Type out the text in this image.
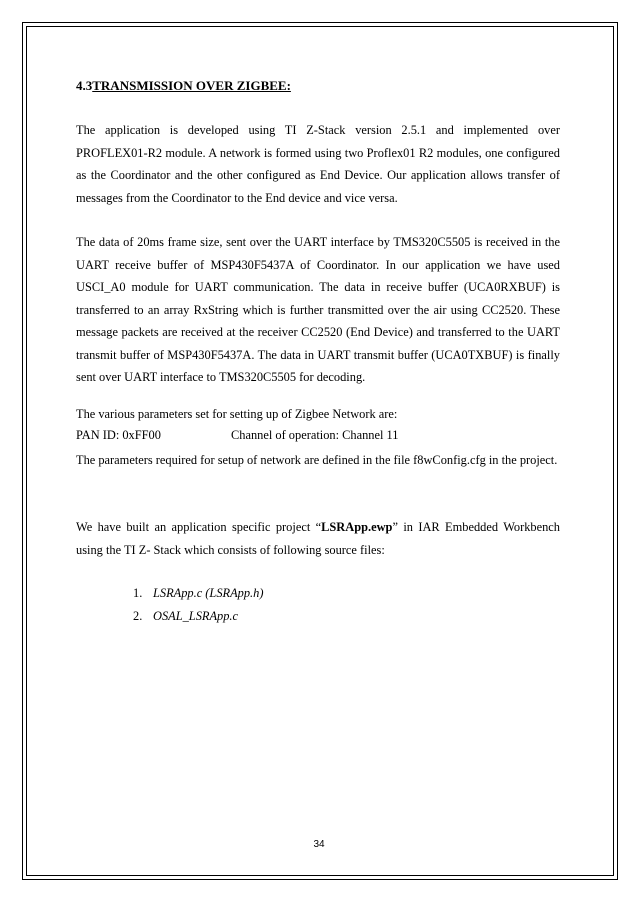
4.3TRANSMISSION OVER ZIGBEE:

The application is developed using TI Z-Stack version 2.5.1 and implemented over PROFLEX01-R2 module. A network is formed using two Proflex01 R2 modules, one configured as the Coordinator and the other configured as End Device. Our application allows transfer of messages from the Coordinator to the End device and vice versa.

The data of 20ms frame size, sent over the UART interface by TMS320C5505 is received in the UART receive buffer of MSP430F5437A of Coordinator. In our application we have used USCI_A0 module for UART communication. The data in receive buffer (UCA0RXBUF) is transferred to an array RxString which is further transmitted over the air using CC2520. These message packets are received at the receiver CC2520 (End Device) and transferred to the UART transmit buffer of MSP430F5437A. The data in UART transmit buffer (UCA0TXBUF) is finally sent over UART interface to TMS320C5505 for decoding.

The various parameters set for setting up of Zigbee Network are:
PAN ID: 0xFF00	Channel of operation: Channel 11

The parameters required for setup of network are defined in the file f8wConfig.cfg in the project.

We have built an application specific project “LSRApp.ewp” in IAR Embedded Workbench using the TI Z- Stack which consists of following source files:

1. LSRApp.c (LSRApp.h)
2. OSAL_LSRApp.c
34
